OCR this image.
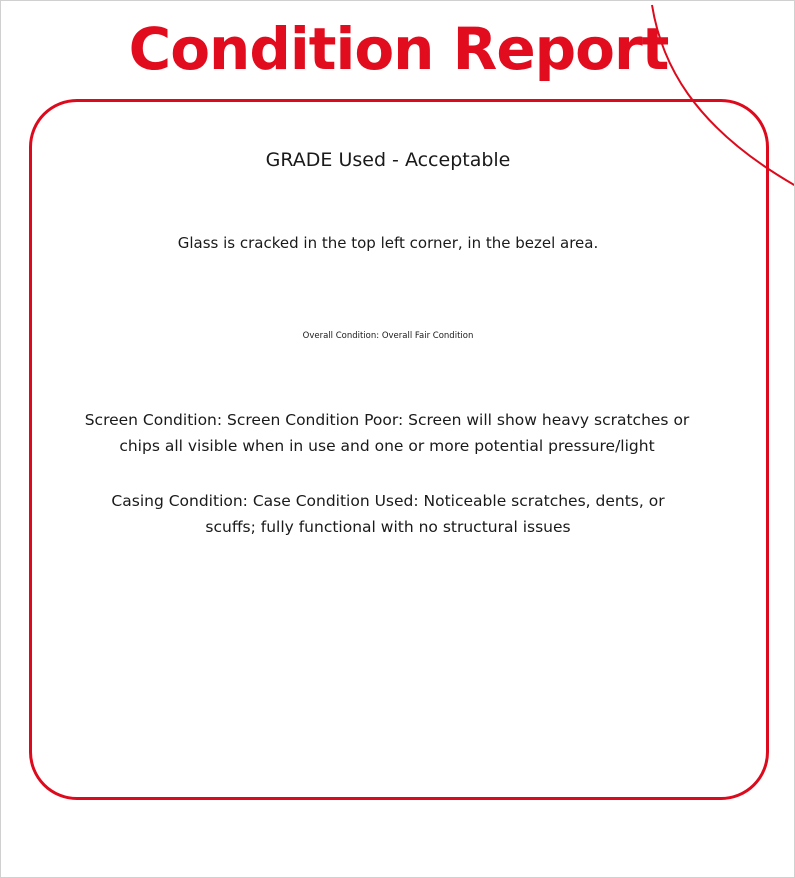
Condition Report
GRADE Used - Acceptable
Glass is cracked in the top left corner, in the bezel area.
Overall Condition: Overall Fair Condition
Screen Condition: Screen Condition Poor: Screen will show heavy scratches or chips all visible when in use and one or more potential pressure/light
Casing Condition: Case Condition Used: Noticeable scratches, dents, or scuffs; fully functional with no structural issues
